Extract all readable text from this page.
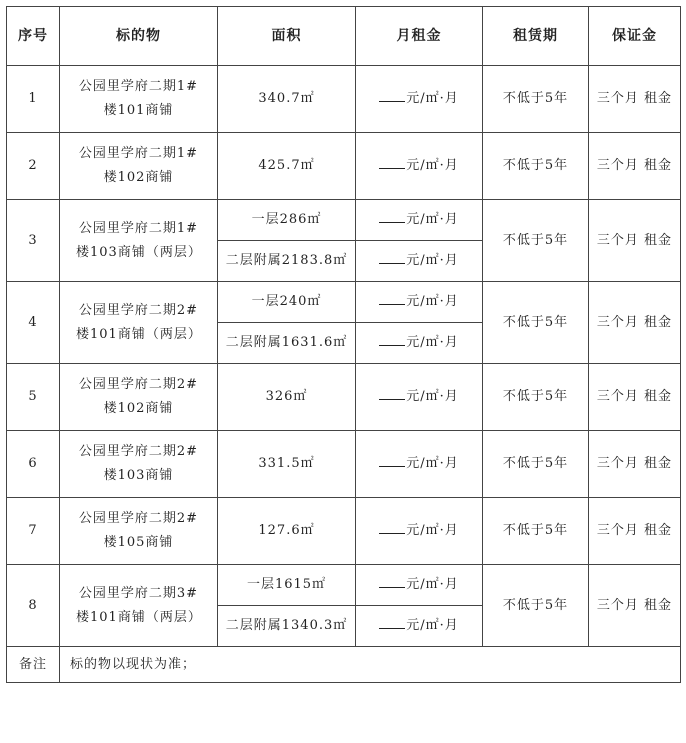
序号	标的物	面积	月租金	租赁期	保证金
1	公园里学府二期1#楼101商铺	340.7㎡	元/㎡·月	不低于5年	三个月 租金
2	公园里学府二期1#楼102商铺	425.7㎡	元/㎡·月	不低于5年	三个月 租金
3	公园里学府二期1#楼103商铺（两层）	一层286㎡	元/㎡·月	不低于5年	三个月 租金
		二层附属2183.8㎡	元/㎡·月		
4	公园里学府二期2#楼101商铺（两层）	一层240㎡	元/㎡·月	不低于5年	三个月 租金
		二层附属1631.6㎡	元/㎡·月		
5	公园里学府二期2#楼102商铺	326㎡	元/㎡·月	不低于5年	三个月 租金
6	公园里学府二期2#楼103商铺	331.5㎡	元/㎡·月	不低于5年	三个月 租金
7	公园里学府二期2#楼105商铺	127.6㎡	元/㎡·月	不低于5年	三个月 租金
8	公园里学府二期3#楼101商铺（两层）	一层1615㎡	元/㎡·月	不低于5年	三个月 租金
		二层附属1340.3㎡	元/㎡·月		
备注	标的物以现状为准；				
